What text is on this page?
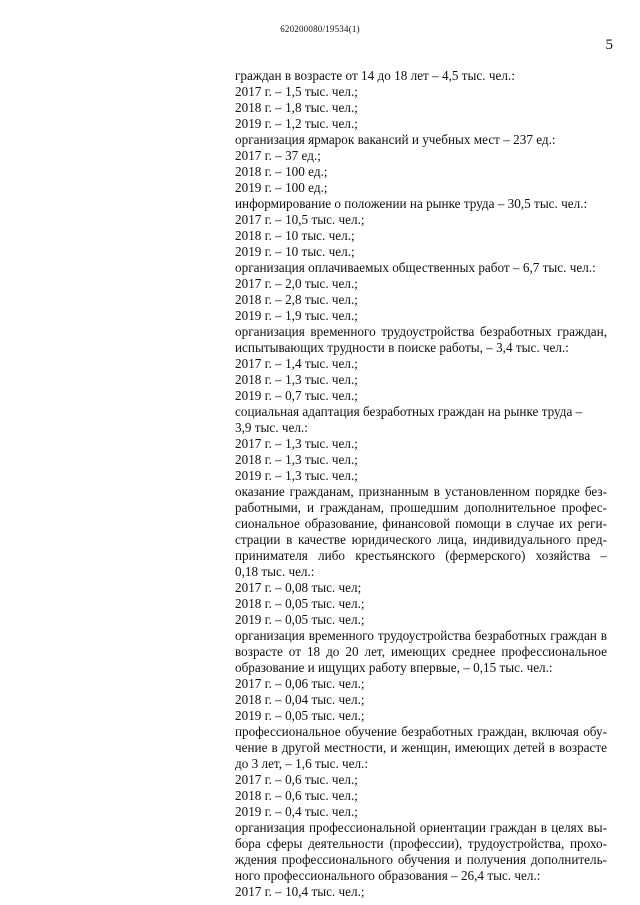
620200080/19534(1)
5
граждан в возрасте от 14 до 18 лет – 4,5 тыс. чел.:
2017 г. – 1,5 тыс. чел.;
2018 г. – 1,8 тыс. чел.;
2019 г. – 1,2 тыс. чел.;
организация ярмарок вакансий и учебных мест – 237 ед.:
2017 г. – 37 ед.;
2018 г. – 100 ед.;
2019 г. – 100 ед.;
информирование о положении на рынке труда – 30,5 тыс. чел.:
2017 г. – 10,5 тыс. чел.;
2018 г. – 10 тыс. чел.;
2019 г. – 10 тыс. чел.;
организация оплачиваемых общественных работ – 6,7 тыс. чел.:
2017 г. – 2,0 тыс. чел.;
2018 г. – 2,8 тыс. чел.;
2019 г. – 1,9 тыс. чел.;
организация временного трудоустройства безработных граждан,
испытывающих трудности в поиске работы, – 3,4 тыс. чел.:
2017 г. – 1,4 тыс. чел.;
2018 г. – 1,3 тыс. чел.;
2019 г. – 0,7 тыс. чел.;
социальная адаптация безработных граждан на рынке труда –
3,9 тыс. чел.:
2017 г. – 1,3 тыс. чел.;
2018 г. – 1,3 тыс. чел.;
2019 г. – 1,3 тыс. чел.;
оказание гражданам, признанным в установленном порядке без-
работными, и гражданам, прошедшим дополнительное профес-
сиональное образование, финансовой помощи в случае их реги-
страции в качестве юридического лица, индивидуального пред-
принимателя либо крестьянского (фермерского) хозяйства –
0,18 тыс. чел.:
2017 г. – 0,08 тыс. чел;
2018 г. – 0,05 тыс. чел.;
2019 г. – 0,05 тыс. чел.;
организация временного трудоустройства безработных граждан в
возрасте от 18 до 20 лет, имеющих среднее профессиональное
образование и ищущих работу впервые, – 0,15 тыс. чел.:
2017 г. – 0,06 тыс. чел.;
2018 г. – 0,04 тыс. чел.;
2019 г. – 0,05 тыс. чел.;
профессиональное обучение безработных граждан, включая обу-
чение в другой местности, и женщин, имеющих детей в возрасте
до 3 лет, – 1,6 тыс. чел.:
2017 г. – 0,6 тыс. чел.;
2018 г. – 0,6 тыс. чел.;
2019 г. – 0,4 тыс. чел.;
организация профессиональной ориентации граждан в целях вы-
бора сферы деятельности (профессии), трудоустройства, прохо-
ждения профессионального обучения и получения дополнитель-
ного профессионального образования – 26,4 тыс. чел.:
2017 г. – 10,4 тыс. чел.;
